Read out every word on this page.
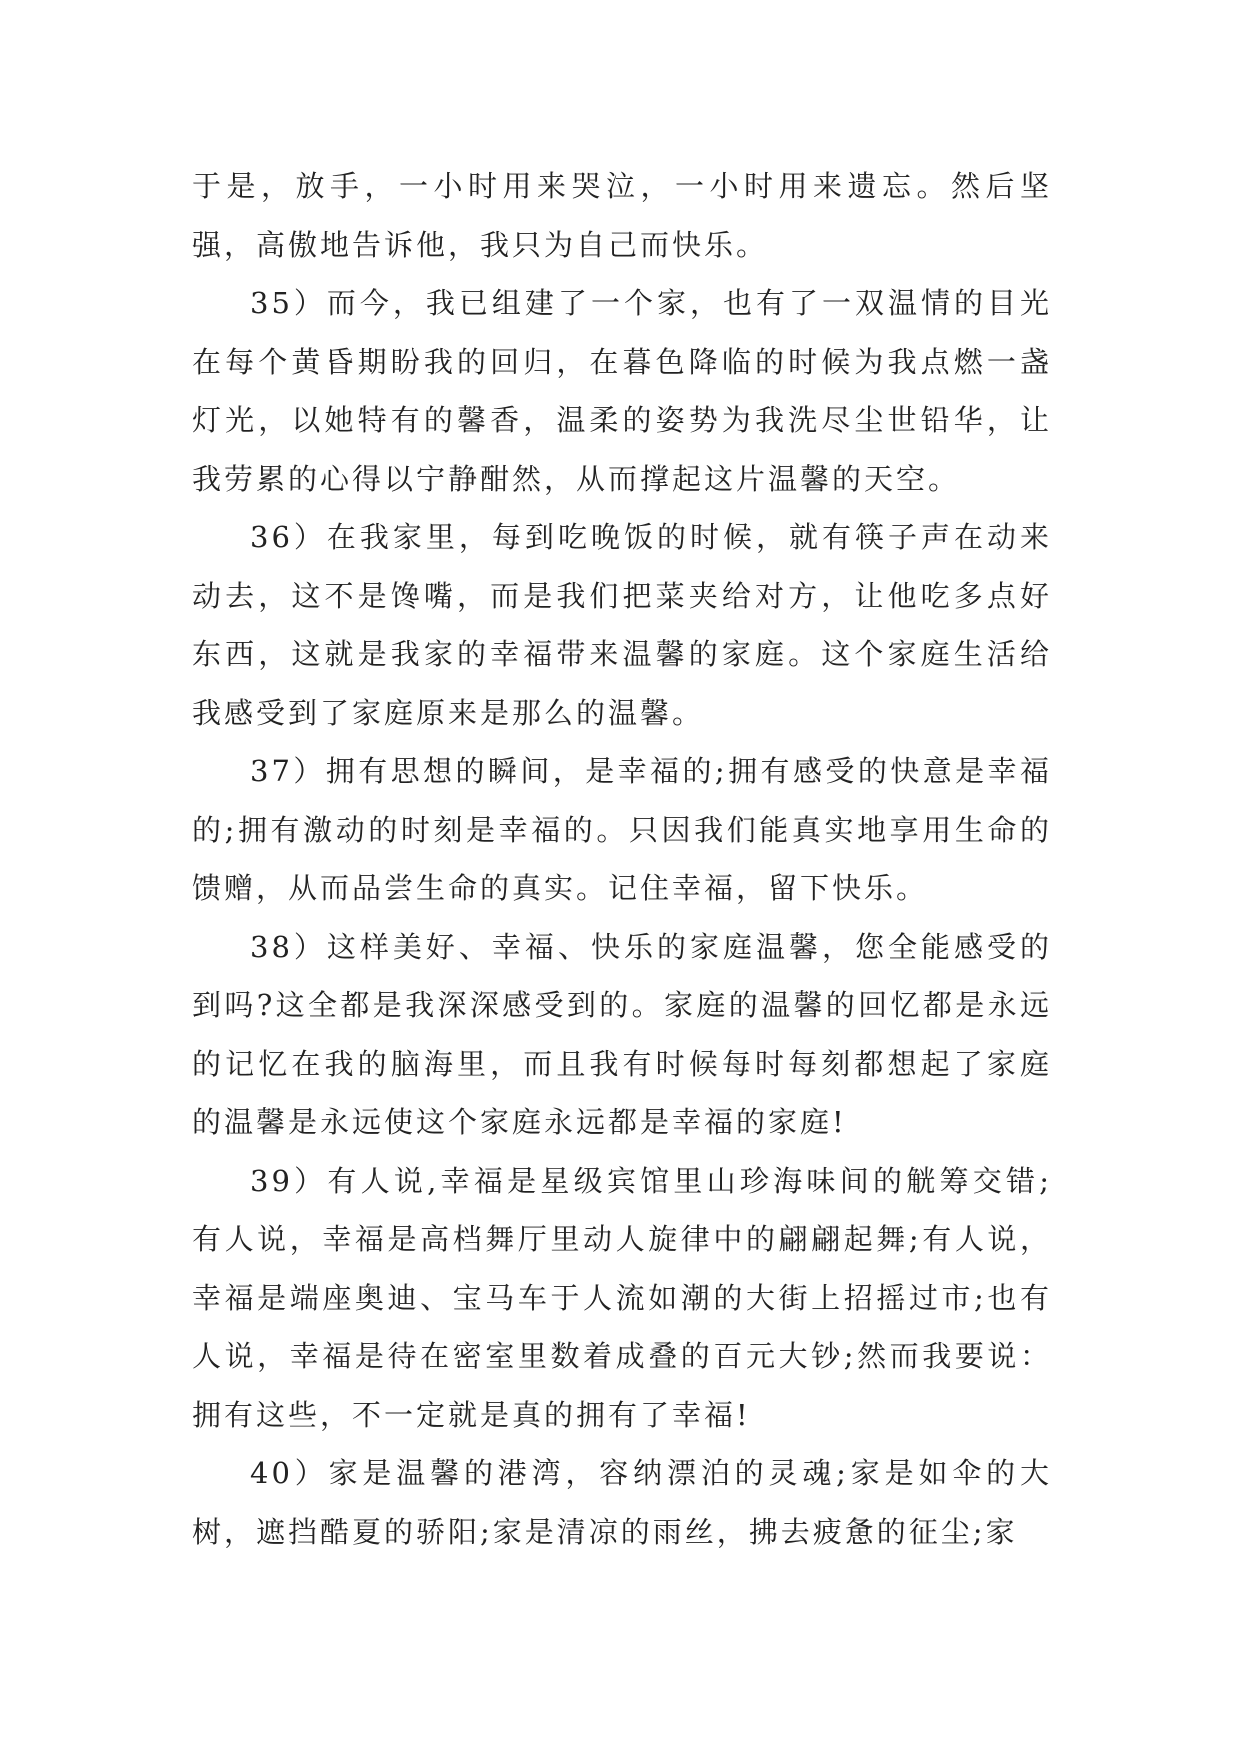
于是，放手，一小时用来哭泣，一小时用来遗忘。然后坚强，高傲地告诉他，我只为自己而快乐。

35）而今，我已组建了一个家，也有了一双温情的目光在每个黄昏期盼我的回归，在暮色降临的时候为我点燃一盏灯光，以她特有的馨香，温柔的姿势为我洗尽尘世铅华，让我劳累的心得以宁静酣然，从而撑起这片温馨的天空。

36）在我家里，每到吃晚饭的时候，就有筷子声在动来动去，这不是馋嘴，而是我们把菜夹给对方，让他吃多点好东西，这就是我家的幸福带来温馨的家庭。这个家庭生活给我感受到了家庭原来是那么的温馨。

37）拥有思想的瞬间，是幸福的;拥有感受的快意是幸福的;拥有激动的时刻是幸福的。只因我们能真实地享用生命的馈赠，从而品尝生命的真实。记住幸福，留下快乐。

38）这样美好、幸福、快乐的家庭温馨，您全能感受的到吗?这全都是我深深感受到的。家庭的温馨的回忆都是永远的记忆在我的脑海里，而且我有时候每时每刻都想起了家庭的温馨是永远使这个家庭永远都是幸福的家庭!

39）有人说,幸福是星级宾馆里山珍海味间的觥筹交错;有人说，幸福是高档舞厅里动人旋律中的翩翩起舞;有人说，幸福是端座奥迪、宝马车于人流如潮的大街上招摇过市;也有人说，幸福是待在密室里数着成叠的百元大钞;然而我要说：拥有这些，不一定就是真的拥有了幸福!

40）家是温馨的港湾，容纳漂泊的灵魂;家是如伞的大树，遮挡酷夏的骄阳;家是清凉的雨丝，拂去疲惫的征尘;家
